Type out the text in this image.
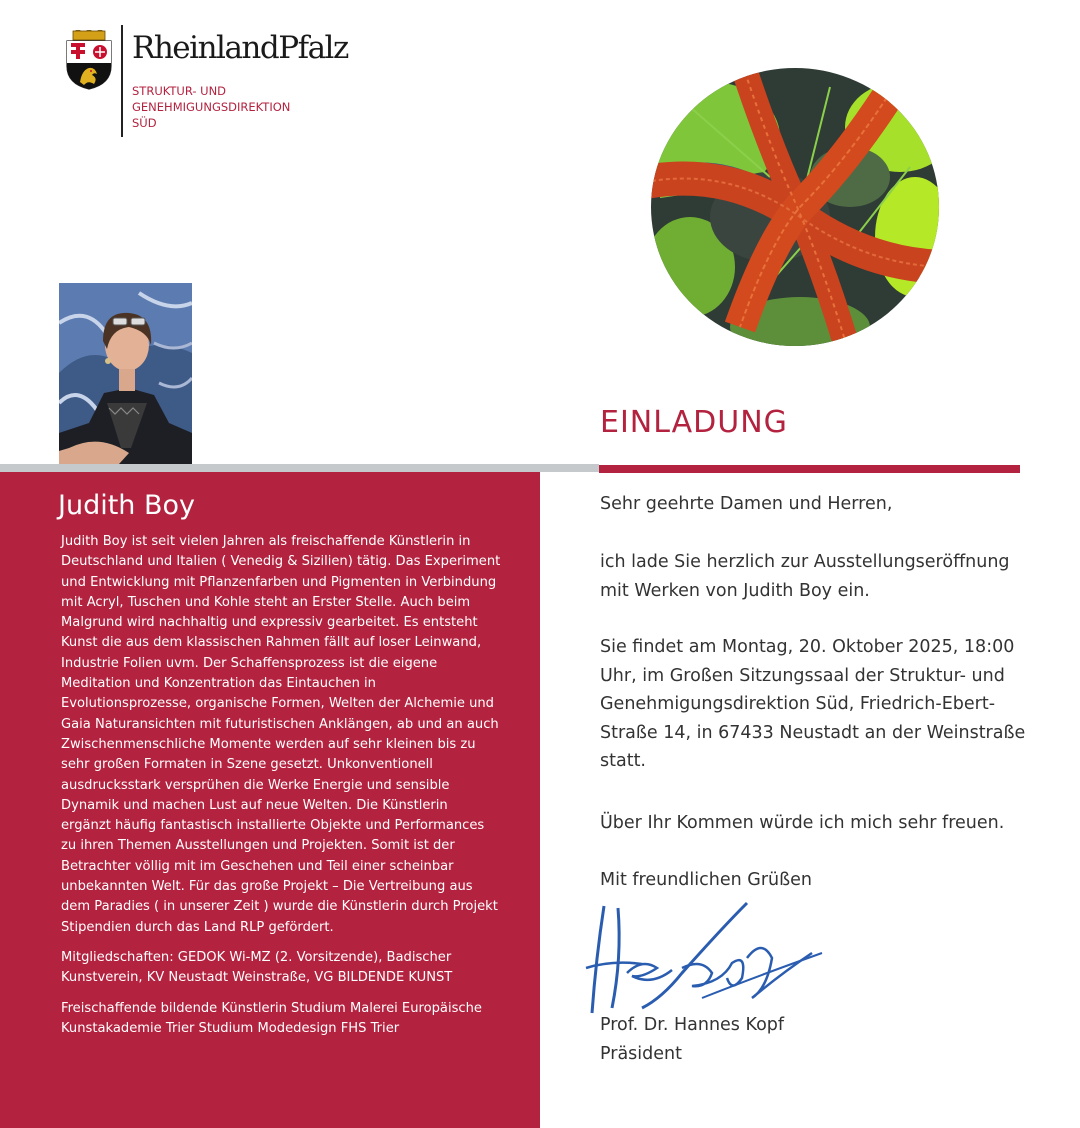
RheinlandPfalz
STRUKTUR- UND
GENEHMIGUNGSDIREKTION
SÜD
EINLADUNG
Judith Boy

Judith Boy ist seit vielen Jahren als freischaffende Künstlerin in Deutschland und Italien ( Venedig & Sizilien) tätig. Das Experiment und Entwicklung mit Pflanzenfarben und Pigmenten in Verbindung mit Acryl, Tuschen und Kohle steht an Erster Stelle. Auch beim Malgrund wird nachhaltig und expressiv gearbeitet. Es entsteht Kunst die aus dem klassischen Rahmen fällt auf loser Leinwand, Industrie Folien uvm. Der Schaffensprozess ist die eigene Meditation und Konzentration das Eintauchen in Evolutionsprozesse, organische Formen, Welten der Alchemie und Gaia Naturansichten mit futuristischen Anklängen, ab und an auch Zwischenmenschliche Momente werden auf sehr kleinen bis zu sehr großen Formaten in Szene gesetzt. Unkonventionell ausdrucksstark versprühen die Werke Energie und sensible Dynamik und machen Lust auf neue Welten. Die Künstlerin ergänzt häufig fantastisch installierte Objekte und Performances zu ihren Themen Ausstellungen und Projekten. Somit ist der Betrachter völlig mit im Geschehen und Teil einer scheinbar unbekannten Welt. Für das große Projekt – Die Vertreibung aus dem Paradies ( in unserer Zeit ) wurde die Künstlerin durch Projekt Stipendien durch das Land RLP gefördert.

Mitgliedschaften: GEDOK Wi-MZ (2. Vorsitzende), Badischer Kunstverein, KV Neustadt Weinstraße, VG BILDENDE KUNST

Freischaffende bildende Künstlerin Studium Malerei Europäische Kunstakademie Trier Studium Modedesign FHS Trier

Sehr geehrte Damen und Herren,
ich lade Sie herzlich zur Ausstellungseröffnung mit Werken von Judith Boy ein.
Sie findet am Montag, 20. Oktober 2025, 18:00 Uhr, im Großen Sitzungssaal der Struktur- und Genehmigungsdirektion Süd, Friedrich-Ebert-Straße 14, in 67433 Neustadt an der Weinstraße statt.
Über Ihr Kommen würde ich mich sehr freuen.
Mit freundlichen Grüßen
Prof. Dr. Hannes Kopf
Präsident
